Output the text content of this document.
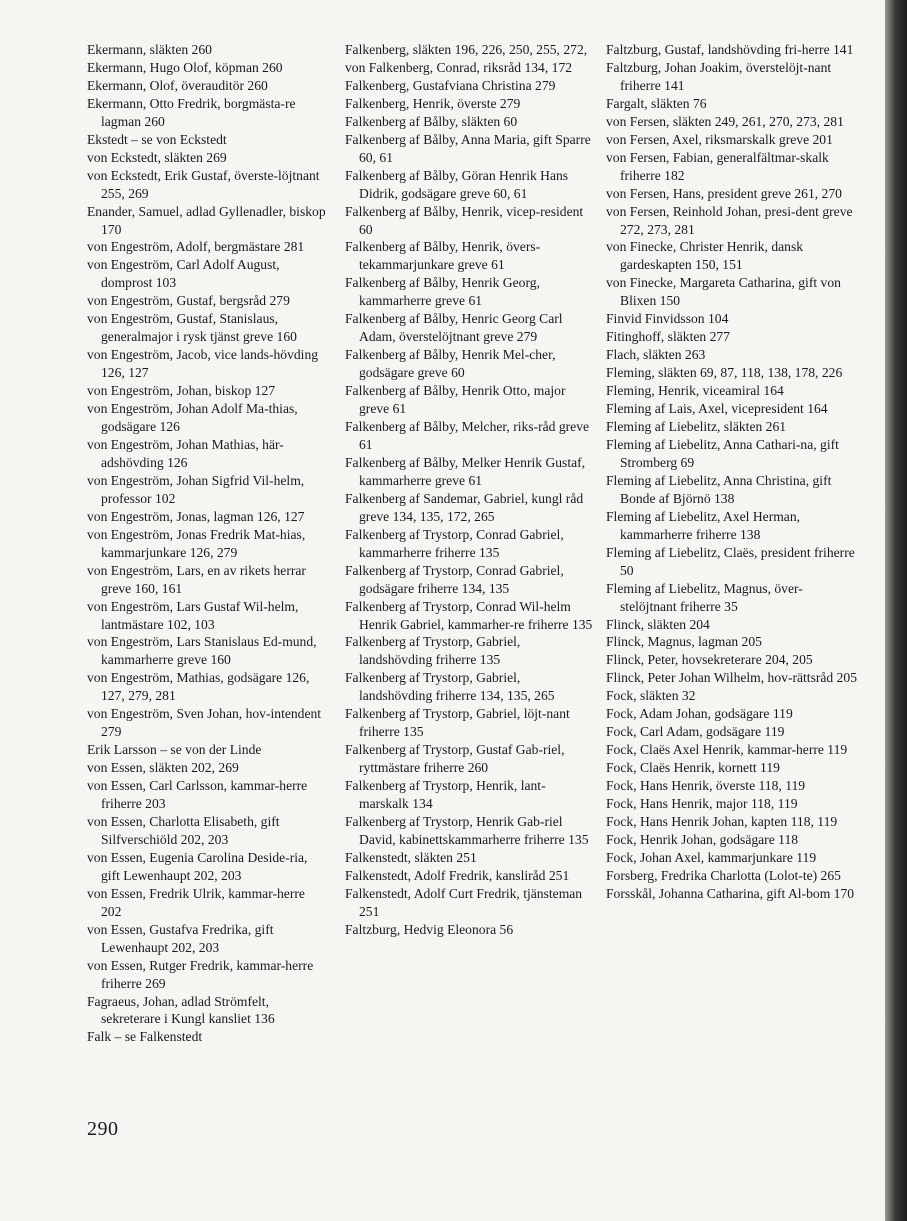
Ekermann, släkten 260
Ekermann, Hugo Olof, köpman 260
Ekermann, Olof, överauditör 260
Ekermann, Otto Fredrik, borgmästa-re lagman 260
Ekstedt – se von Eckstedt
von Eckstedt, släkten 269
von Eckstedt, Erik Gustaf, överste-löjtnant 255, 269
Enander, Samuel, adlad Gyllenadler, biskop 170
von Engeström, Adolf, bergmästare 281
von Engeström, Carl Adolf August, domprost 103
von Engeström, Gustaf, bergsråd 279
von Engeström, Gustaf, Stanislaus, generalmajor i rysk tjänst greve 160
von Engeström, Jacob, vice lands-hövding 126, 127
von Engeström, Johan, biskop 127
von Engeström, Johan Adolf Ma-thias, godsägare 126
von Engeström, Johan Mathias, här-adshövding 126
von Engeström, Johan Sigfrid Vil-helm, professor 102
von Engeström, Jonas, lagman 126, 127
von Engeström, Jonas Fredrik Mat-hias, kammarjunkare 126, 279
von Engeström, Lars, en av rikets herrar greve 160, 161
von Engeström, Lars Gustaf Wil-helm, lantmästare 102, 103
von Engeström, Lars Stanislaus Ed-mund, kammarherre greve 160
von Engeström, Mathias, godsägare 126, 127, 279, 281
von Engeström, Sven Johan, hov-intendent 279
Erik Larsson – se von der Linde
von Essen, släkten 202, 269
von Essen, Carl Carlsson, kammar-herre friherre 203
von Essen, Charlotta Elisabeth, gift Silfverschiöld 202, 203
von Essen, Eugenia Carolina Deside-ria, gift Lewenhaupt 202, 203
von Essen, Fredrik Ulrik, kammar-herre 202
von Essen, Gustafva Fredrika, gift Lewenhaupt 202, 203
von Essen, Rutger Fredrik, kammar-herre friherre 269
Fagraeus, Johan, adlad Strömfelt, sekreterare i Kungl kansliet 136
Falk – se Falkenstedt
Falkenberg, släkten 196, 226, 250, 255, 272,
von Falkenberg, Conrad, riksråd 134, 172
Falkenberg, Gustafviana Christina 279
Falkenberg, Henrik, överste 279
Falkenberg af Bålby, släkten 60
Falkenberg af Bålby, Anna Maria, gift Sparre 60, 61
Falkenberg af Bålby, Göran Henrik Hans Didrik, godsägare greve 60, 61
Falkenberg af Bålby, Henrik, vicep-resident 60
Falkenberg af Bålby, Henrik, övers-tekammarjunkare greve 61
Falkenberg af Bålby, Henrik Georg, kammarherre greve 61
Falkenberg af Bålby, Henric Georg Carl Adam, överstelöjtnant greve 279
Falkenberg af Bålby, Henrik Mel-cher, godsägare greve 60
Falkenberg af Bålby, Henrik Otto, major greve 61
Falkenberg af Bålby, Melcher, riks-råd greve 61
Falkenberg af Bålby, Melker Henrik Gustaf, kammarherre greve 61
Falkenberg af Sandemar, Gabriel, kungl råd greve 134, 135, 172, 265
Falkenberg af Trystorp, Conrad Gabriel, kammarherre friherre 135
Falkenberg af Trystorp, Conrad Gabriel, godsägare friherre 134, 135
Falkenberg af Trystorp, Conrad Wil-helm Henrik Gabriel, kammarher-re friherre 135
Falkenberg af Trystorp, Gabriel, landshövding friherre 135
Falkenberg af Trystorp, Gabriel, landshövding friherre 134, 135, 265
Falkenberg af Trystorp, Gabriel, löjt-nant friherre 135
Falkenberg af Trystorp, Gustaf Gab-riel, ryttmästare friherre 260
Falkenberg af Trystorp, Henrik, lant-marskalk 134
Falkenberg af Trystorp, Henrik Gab-riel David, kabinettskammarherre friherre 135
Falkenstedt, släkten 251
Falkenstedt, Adolf Fredrik, kansliråd 251
Falkenstedt, Adolf Curt Fredrik, tjänsteman 251
Faltzburg, Hedvig Eleonora 56
Faltzburg, Gustaf, landshövding fri-herre 141
Faltzburg, Johan Joakim, överstelöjt-nant friherre 141
Fargalt, släkten 76
von Fersen, släkten 249, 261, 270, 273, 281
von Fersen, Axel, riksmarskalk greve 201
von Fersen, Fabian, generalfältmar-skalk friherre 182
von Fersen, Hans, president greve 261, 270
von Fersen, Reinhold Johan, presi-dent greve 272, 273, 281
von Finecke, Christer Henrik, dansk gardeskapten 150, 151
von Finecke, Margareta Catharina, gift von Blixen 150
Finvid Finvidsson 104
Fitinghoff, släkten 277
Flach, släkten 263
Fleming, släkten 69, 87, 118, 138, 178, 226
Fleming, Henrik, viceamiral 164
Fleming af Lais, Axel, vicepresident 164
Fleming af Liebelitz, släkten 261
Fleming af Liebelitz, Anna Cathari-na, gift Stromberg 69
Fleming af Liebelitz, Anna Christina, gift Bonde af Björnö 138
Fleming af Liebelitz, Axel Herman, kammarherre friherre 138
Fleming af Liebelitz, Claës, president friherre 50
Fleming af Liebelitz, Magnus, över-stelöjtnant friherre 35
Flinck, släkten 204
Flinck, Magnus, lagman 205
Flinck, Peter, hovsekreterare 204, 205
Flinck, Peter Johan Wilhelm, hov-rättsråd 205
Fock, släkten 32
Fock, Adam Johan, godsägare 119
Fock, Carl Adam, godsägare 119
Fock, Claës Axel Henrik, kammar-herre 119
Fock, Claës Henrik, kornett 119
Fock, Hans Henrik, överste 118, 119
Fock, Hans Henrik, major 118, 119
Fock, Hans Henrik Johan, kapten 118, 119
Fock, Henrik Johan, godsägare 118
Fock, Johan Axel, kammarjunkare 119
Forsberg, Fredrika Charlotta (Lolot-te) 265
Forsskål, Johanna Catharina, gift Al-bom 170
290
